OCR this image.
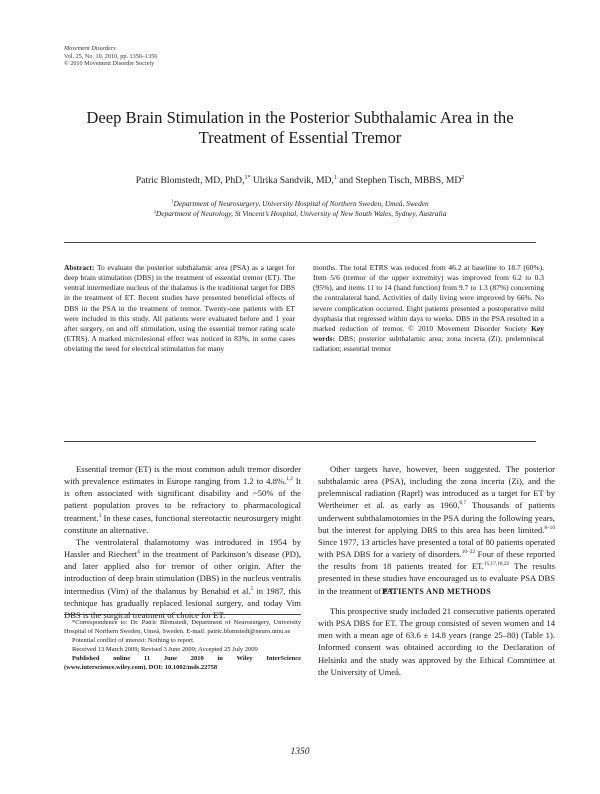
Movement Disorders
Vol. 25, No. 10, 2010, pp. 1350–1356
© 2010 Movement Disorder Society
Deep Brain Stimulation in the Posterior Subthalamic Area in the
Treatment of Essential Tremor
Patric Blomstedt, MD, PhD,$^{1*}$ Ulrika Sandvik, MD,$^1$ and Stephen Tisch, MBBS, $MD^2$
$^1$Department of Neurosurgery, University Hospital of Northern Sweden, Umeå, Sweden
$^2$Department of Neurology, St Vincent’s Hospital, University of New South Wales, Sydney, Australia
Abstract: To evaluate the posterior subthalamic area (PSA) as a target for deep brain stimulation (DBS) in the treatment of essential tremor (ET). The ventral intermediate nucleus of the thalamus is the traditional target for DBS in the treatment of ET. Recent studies have presented beneficial effects of DBS in the PSA in the treatment of tremor. Twenty-one patients with ET were included in this study. All patients were evaluated before and 1 year after surgery, on and off stimulation, using the essential tremor rating scale (ETRS). A marked microlesional effect was noticed in 83%, in some cases obviating the need for electrical stimulation for many
months. The total ETRS was reduced from 46.2 at baseline to 18.7 (60%). Item 5/6 (tremor of the upper extremity) was improved from 6.2 to 0.3 (95%), and items 11 to 14 (hand function) from 9.7 to 1.3 (87%) concerning the contralateral hand. Activities of daily living were improved by 66%. No severe complication occurred. Eight patients presented a postoperative mild dysphasia that regressed within days to weeks. DBS in the PSA resulted in a marked reduction of tremor. © 2010 Movement Disorder Society Key words: DBS; posterior subthalamic area; zona incerta (Zi); prelemniscal radiation; essential tremor

Essential tremor (ET) is the most common adult tremor disorder with prevalence estimates in Europe ranging from 1.2 to 4.8%.$^{1,2}$ It is often associated with significant disability and ~50% of the patient population proves to be refractory to pharmacological treatment.$^3$ In these cases, functional stereotactic neurosurgery might constitute an alternative.

The ventrolateral thalamotomy was introduced in 1954 by Hassler and Riechert$^4$ in the treatment of Parkinson’s disease (PD), and later applied also for tremor of other origin. After the introduction of deep brain stimulation (DBS) in the nucleus ventralis intermedius (Vim) of the thalamus by Benabid et al.$^5$ in 1987, this technique has gradually replaced lesional surgery, and today Vim DBS is the surgical treatment of choice for ET.

Other targets have, however, been suggested. The posterior subthalamic area (PSA), including the zona incerta (Zi), and the prelemniscal radiation (Raprl) was introduced as a target for ET by Wertheimer et al. as early as 1960.$^{6,7}$ Thousands of patients underwent subthalamotomies in the PSA during the following years, but the interest for applying DBS to this area has been limited.$^{8-10}$ Since 1977, 13 articles have presented a total of 80 patients operated with PSA DBS for a variety of disorders.$^{10-22}$ Four of these reported the results from 18 patients treated for ET.$^{15,17,18,22}$ The results presented in these studies have encouraged us to evaluate PSA DBS in the treatment of ET.

PATIENTS AND METHODS

This prospective study included 21 consecutive patients operated with PSA DBS for ET. The group consisted of seven women and 14 men with a mean age of 63.6 ± 14.8 years (range 25–80) (Table 1). Informed consent was obtained according to the Declaration of Helsinki and the study was approved by the Ethical Committee at the University of Umeå.

*Correspondence to: Dr. Patric Blomstedt, Department of Neurosurgery, University Hospital of Northern Sweden, Umeå, Sweden. E-mail: patric.blomstedt@neuro.umu.se

Potential conflict of interest: Nothing to report.

Received 13 March 2009; Revised 3 June 2009; Accepted 25 July 2009

Published online 11 June 2010 in Wiley InterScience (www.interscience.wiley.com). DOI: 10.1002/mds.22758

1350
